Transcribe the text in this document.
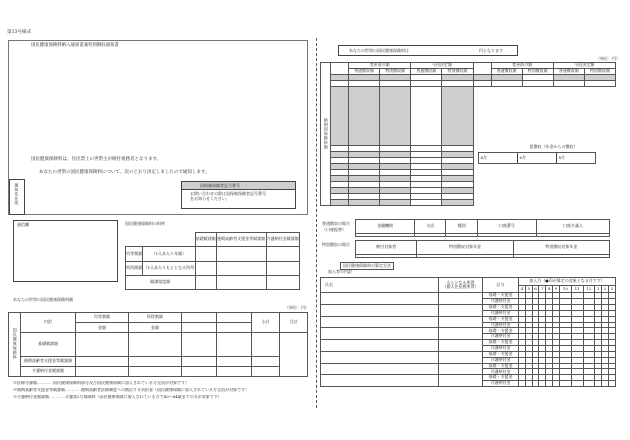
第13号様式
国民健康保険料納入通知書兼特別徴収通知書
国民健康保険料は、住民票上の世帯主が納付義務者となります。
あなたの世帯の国民健康保険料について、次のとおり決定しましたので通知します。
通知先住所	国保被保険者記号番号
お問い合わせの際は国保被保険者記号番号
をお知らせください。
通信欄	国民健康保険料の料率
		基礎賦課額	後期高齢者支援金等賦課額	介護納付金賦課額
均等割額	（1人あたり年額）			
所得割額	（1人あたりもととなる所得			
賦課限度額				
あなたの世帯の国民健康保険料額
（単位：円）
国民健康保険料	内訳	均等割額	所得割額			小計	合計
		金額	金額				
	基礎賦課額						
	後期高齢者支援金等賦課額						
	介護納付金賦課額						
※医療分課額…………国民健康保険料部分及び国民健康保険に加入されている方全員が対象です）
※後期高齢者支援金等賦課額…………後期高齢者医療制度への拠出する負担金（国民健康保険に加入されている方全員が対象です）
※介護納付金賦課額…………介護第2号保険料（国民健康保険に加入されている方で40～64歳までの方が対象です）
あなたの世帯の国民健康保険料は	円となります
（単位：円）
納期別保険料額		変更前の額		今回決定額			変更前の額		今回決定額	
		普通徴収額	特別徴収額	普通徴収額	特別徴収額		普通徴収額	特別徴収額	普通徴収額	特別徴収額

						仮徴収（年金からの徴収）
4月 6月 8月				

普通徴収の場合
（口座振替）
金融機関	支店	種別	口座番号	口座名義人

特別徴収の場合	納付対象者	特別徴収対象年金	特別徴収対象年金

国民健康保険料の算定方法
加入者の内訳
氏名	もととなる所得
（個人住民税所得）	区分	加入月（●印が算定の対象となる月です）											
			4	5	6	7	8	9	10	11	12	1	2	3
		基礎・支援金												
		介護納付金												
		基礎・支援金												
		介護納付金												
		基礎・支援金												
		介護納付金												
		基礎・支援金												
		介護納付金												
		基礎・支援金												
		介護納付金												
		基礎・支援金												
		介護納付金												
		基礎・支援金												
		介護納付金												
		基礎・支援金												
		介護納付金												
